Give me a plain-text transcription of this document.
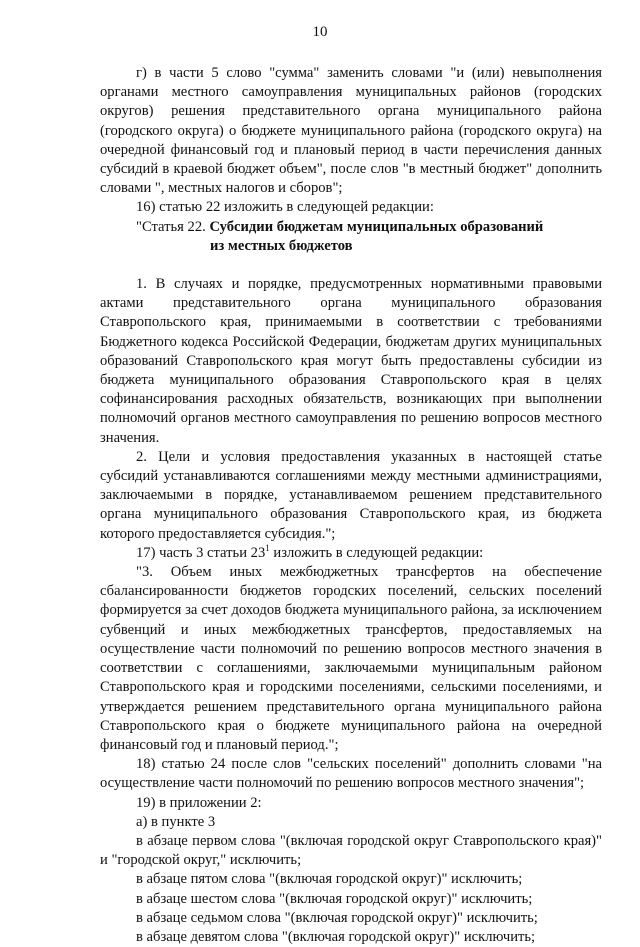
10

г) в части 5 слово "сумма" заменить словами "и (или) невыполнения органами местного самоуправления муниципальных районов (городских округов) решения представительного органа муниципального района (городского округа) о бюджете муниципального района (городского округа) на очередной финансовый год и плановый период в части перечисления данных субсидий в краевой бюджет объем", после слов "в местный бюджет" дополнить словами ", местных налогов и сборов";

16) статью 22 изложить в следующей редакции:

"Статья 22. Субсидии бюджетам муниципальных образований

из местных бюджетов

1. В случаях и порядке, предусмотренных нормативными правовыми актами представительного органа муниципального образования Ставропольского края, принимаемыми в соответствии с требованиями Бюджетного кодекса Российской Федерации, бюджетам других муниципальных образований Ставропольского края могут быть предоставлены субсидии из бюджета муниципального образования Ставропольского края в целях софинансирования расходных обязательств, возникающих при выполнении полномочий органов местного самоуправления по решению вопросов местного значения.

2. Цели и условия предоставления указанных в настоящей статье субсидий устанавливаются соглашениями между местными администрациями, заключаемыми в порядке, устанавливаемом решением представительного органа муниципального образования Ставропольского края, из бюджета которого предоставляется субсидия.";

17) часть 3 статьи $23^1$ изложить в следующей редакции:

"3. Объем иных межбюджетных трансфертов на обеспечение сбалансированности бюджетов городских поселений, сельских поселений формируется за счет доходов бюджета муниципального района, за исключением субвенций и иных межбюджетных трансфертов, предоставляемых на осуществление части полномочий по решению вопросов местного значения в соответствии с соглашениями, заключаемыми муниципальным районом Ставропольского края и городскими поселениями, сельскими поселениями, и утверждается решением представительного органа муниципального района Ставропольского края о бюджете муниципального района на очередной финансовый год и плановый период.";

18) статью 24 после слов "сельских поселений" дополнить словами "на осуществление части полномочий по решению вопросов местного значения";

19) в приложении 2:

а) в пункте 3

в абзаце первом слова "(включая городской округ Ставропольского края)" и "городской округ," исключить;

в абзаце пятом слова "(включая городской округ)" исключить;

в абзаце шестом слова "(включая городской округ)" исключить;

в абзаце седьмом слова "(включая городской округ)" исключить;

в абзаце девятом слова "(включая городской округ)" исключить;
